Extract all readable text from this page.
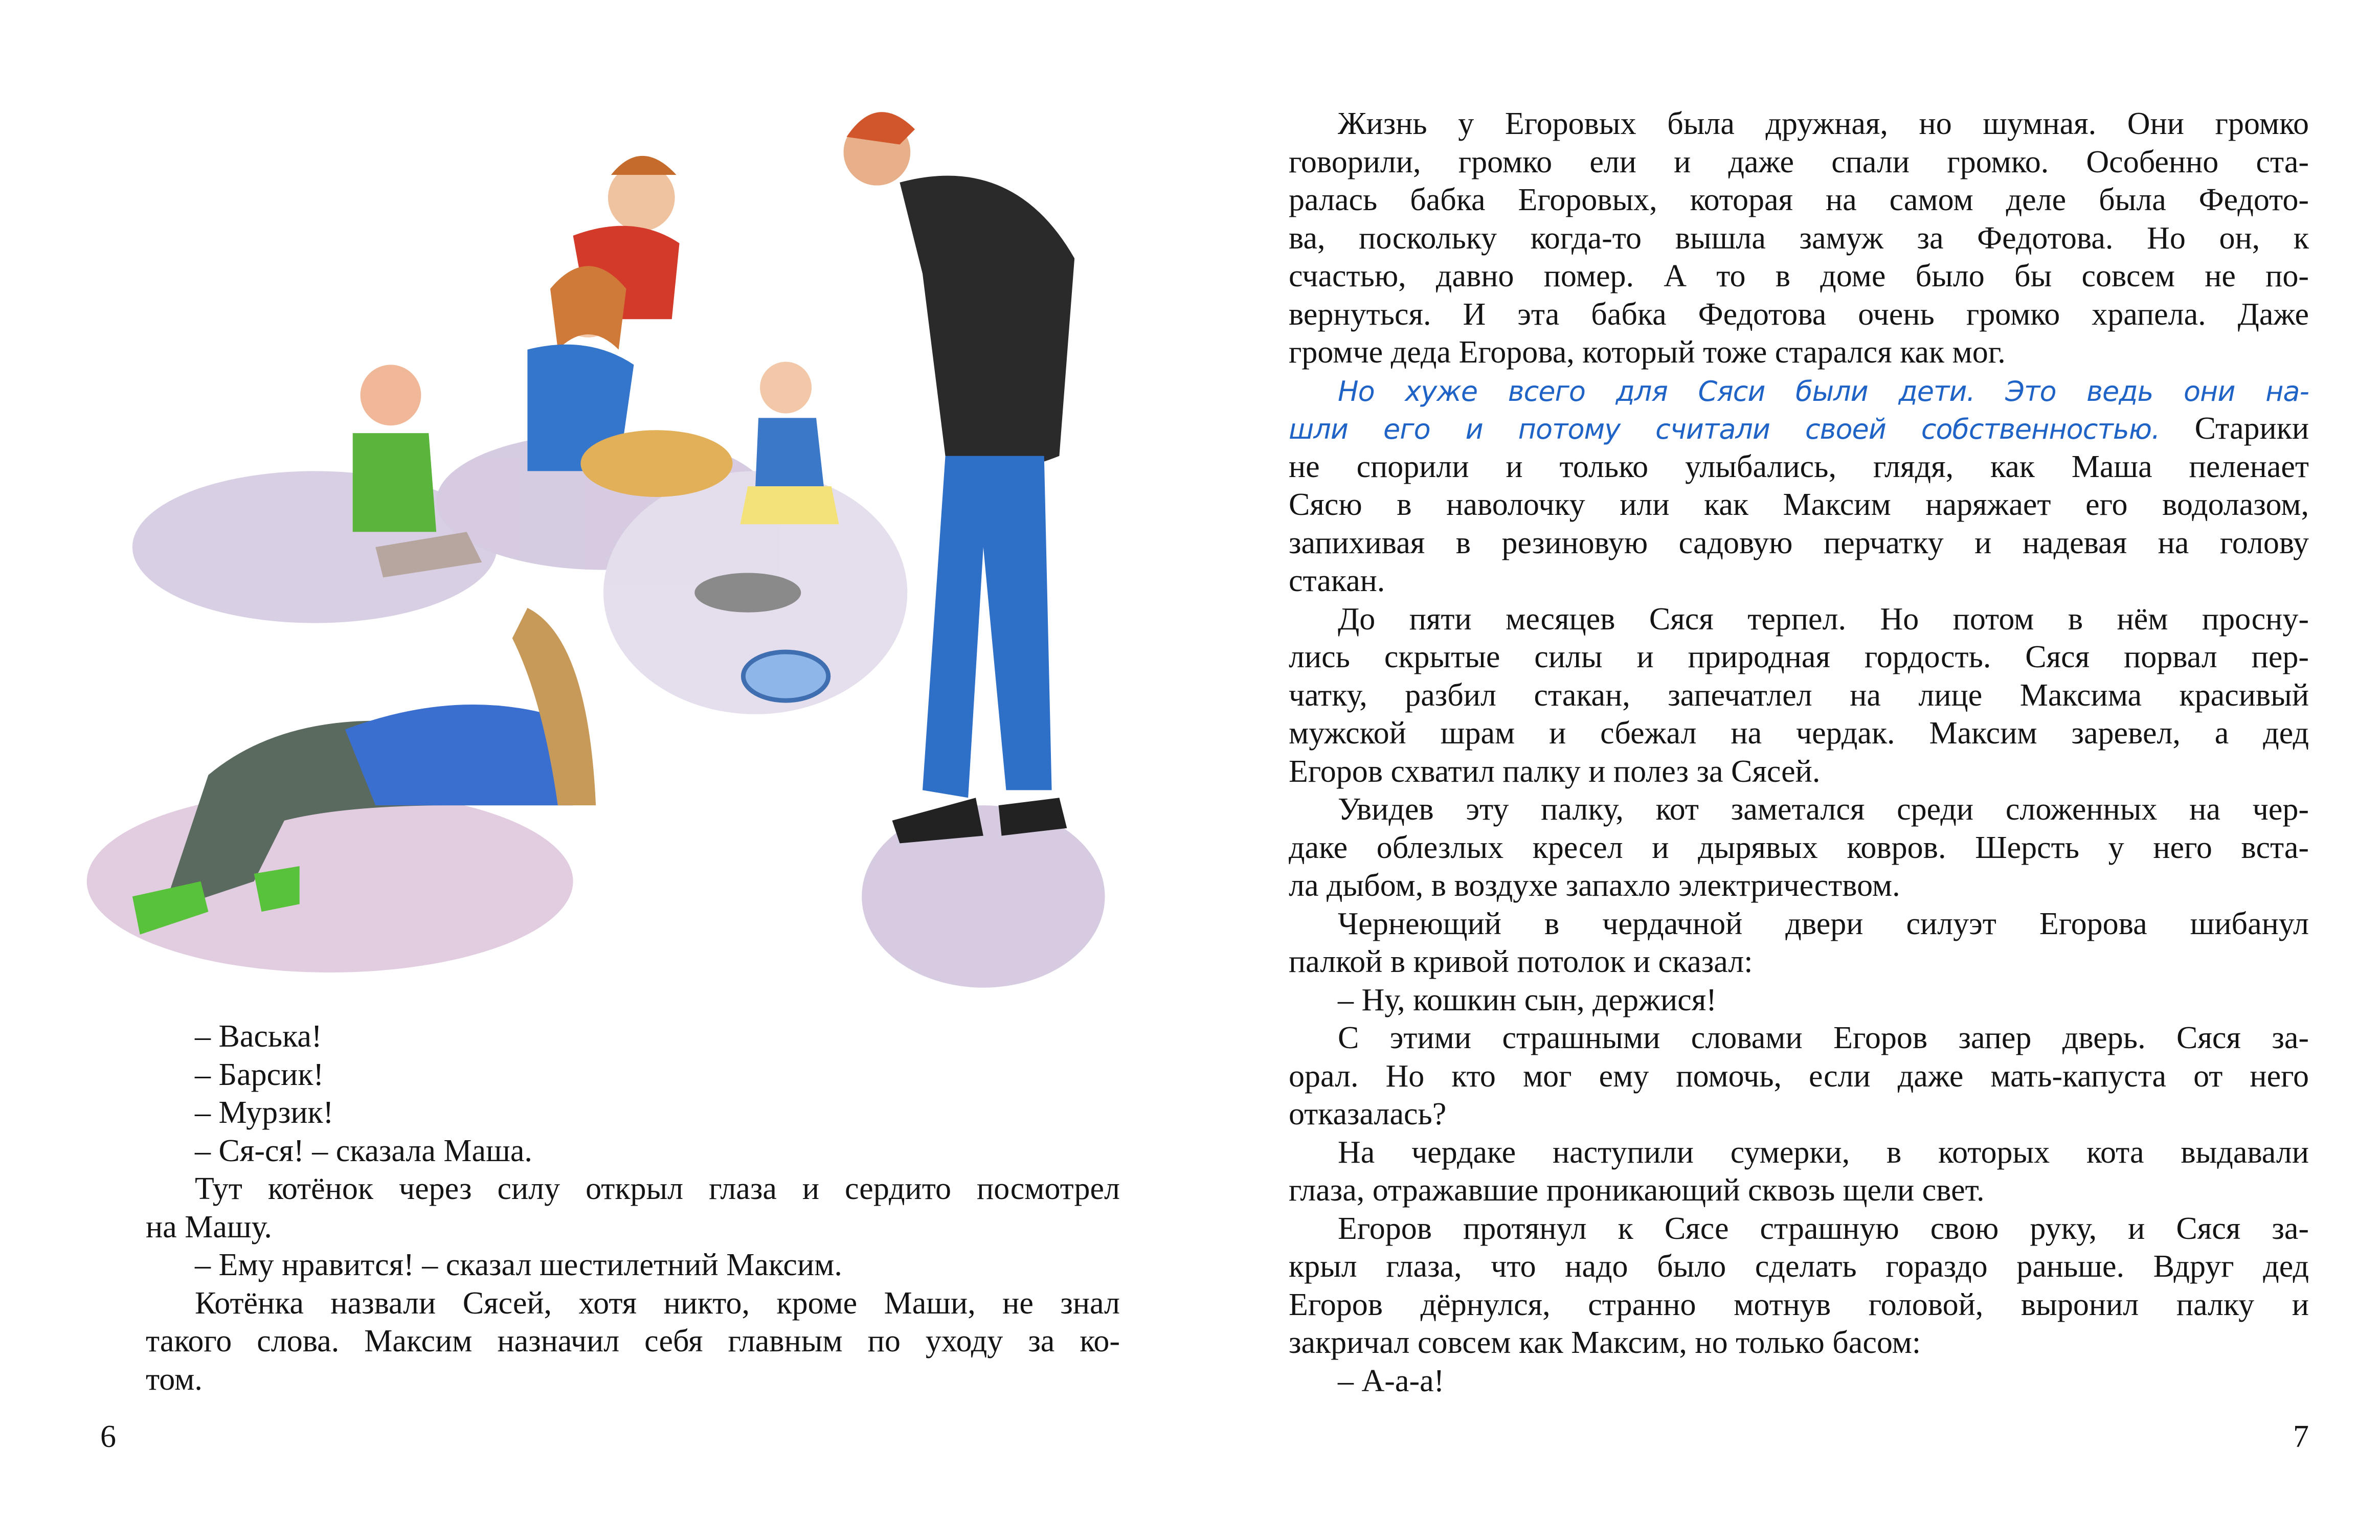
– Васька!
– Барсик!
– Мурзик!
– Ся-ся! – сказала Маша.
Тут котёнок через силу открыл глаза и сердито посмотрел
на Машу.
– Ему нравится! – сказал шестилетний Максим.
Котёнка назвали Сясей, хотя никто, кроме Маши, не знал
такого слова. Максим назначил себя главным по уходу за ко-
том.
Жизнь у Егоровых была дружная, но шумная. Они громко
говорили, громко ели и даже спали громко. Особенно ста-
ралась бабка Егоровых, которая на самом деле была Федото-
ва, поскольку когда-то вышла замуж за Федотова. Но он, к
счастью, давно помер. А то в доме было бы совсем не по-
вернуться. И эта бабка Федотова очень громко храпела. Даже
громче деда Егорова, который тоже старался как мог.
Но хуже всего для Сяси были дети. Это ведь они на-
шли его и потому считали своей собственностью. Старики
не спорили и только улыбались, глядя, как Маша пеленает
Сясю в наволочку или как Максим наряжает его водолазом,
запихивая в резиновую садовую перчатку и надевая на голову
стакан.
До пяти месяцев Сяся терпел. Но потом в нём просну-
лись скрытые силы и природная гордость. Сяся порвал пер-
чатку, разбил стакан, запечатлел на лице Максима красивый
мужской шрам и сбежал на чердак. Максим заревел, а дед
Егоров схватил палку и полез за Сясей.
Увидев эту палку, кот заметался среди сложенных на чер-
даке облезлых кресел и дырявых ковров. Шерсть у него вста-
ла дыбом, в воздухе запахло электричеством.
Чернеющий в чердачной двери силуэт Егорова шибанул
палкой в кривой потолок и сказал:
– Ну, кошкин сын, держися!
С этими страшными словами Егоров запер дверь. Сяся за-
орал. Но кто мог ему помочь, если даже мать-капуста от него
отказалась?
На чердаке наступили сумерки, в которых кота выдавали
глаза, отражавшие проникающий сквозь щели свет.
Егоров протянул к Сясе страшную свою руку, и Сяся за-
крыл глаза, что надо было сделать гораздо раньше. Вдруг дед
Егоров дёрнулся, странно мотнув головой, выронил палку и
закричал совсем как Максим, но только басом:
– А-а-а!
6	7
